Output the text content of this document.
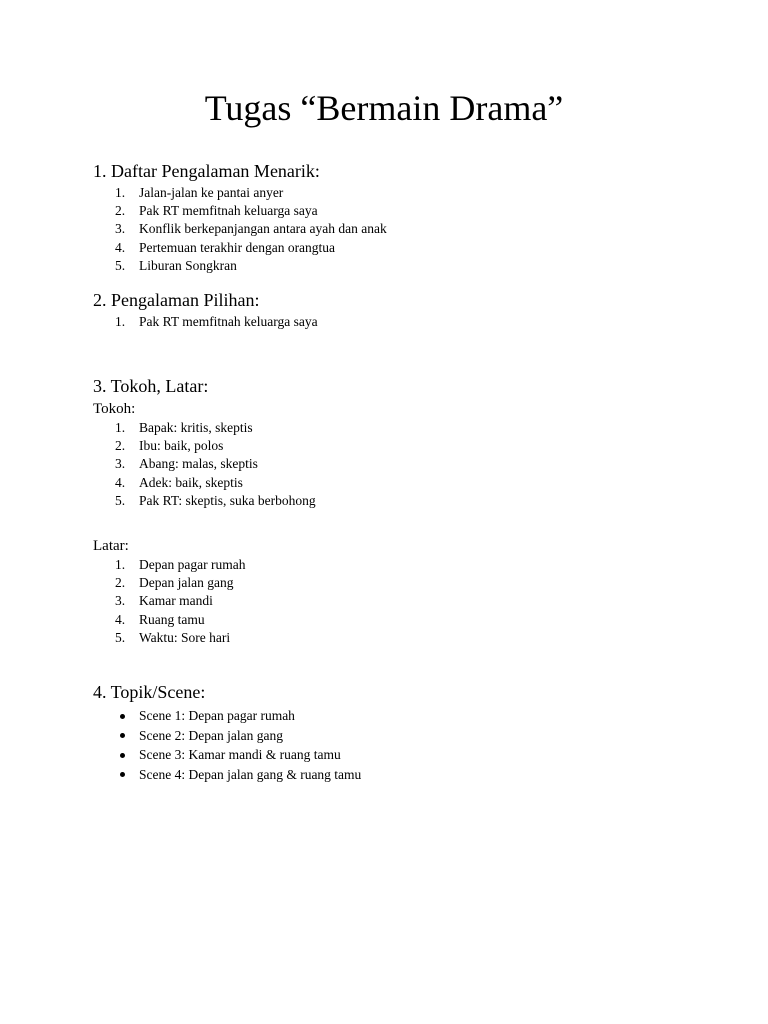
Tugas “Bermain Drama”
1. Daftar Pengalaman Menarik:
1. Jalan-jalan ke pantai anyer
2. Pak RT memfitnah keluarga saya
3. Konflik berkepanjangan antara ayah dan anak
4. Pertemuan terakhir dengan orangtua
5. Liburan Songkran
2. Pengalaman Pilihan:
1. Pak RT memfitnah keluarga saya
3. Tokoh, Latar:
Tokoh:
1. Bapak: kritis, skeptis
2. Ibu: baik, polos
3. Abang: malas, skeptis
4. Adek: baik, skeptis
5. Pak RT: skeptis, suka berbohong
Latar:
1. Depan pagar rumah
2. Depan jalan gang
3. Kamar mandi
4. Ruang tamu
5. Waktu: Sore hari
4. Topik/Scene:
Scene 1: Depan pagar rumah
Scene 2: Depan jalan gang
Scene 3: Kamar mandi & ruang tamu
Scene 4: Depan jalan gang & ruang tamu
